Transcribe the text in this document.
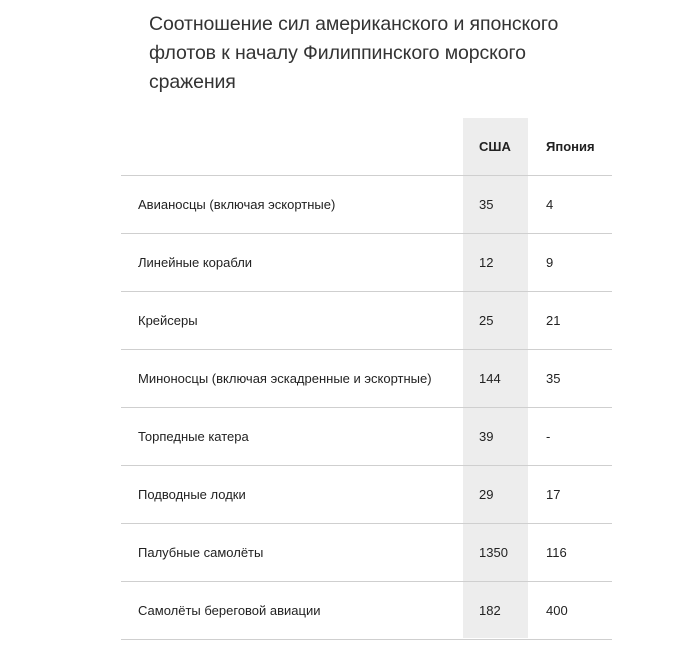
Соотношение сил американского и японского флотов к началу Филиппинского морского сражения
	США	Япония
Авианосцы (включая эскортные)	35	4
Линейные корабли	12	9
Крейсеры	25	21
Миноносцы (включая эскадренные и эскортные)	144	35
Торпедные катера	39	-
Подводные лодки	29	17
Палубные самолёты	1350	116
Самолёты береговой авиации	182	400
